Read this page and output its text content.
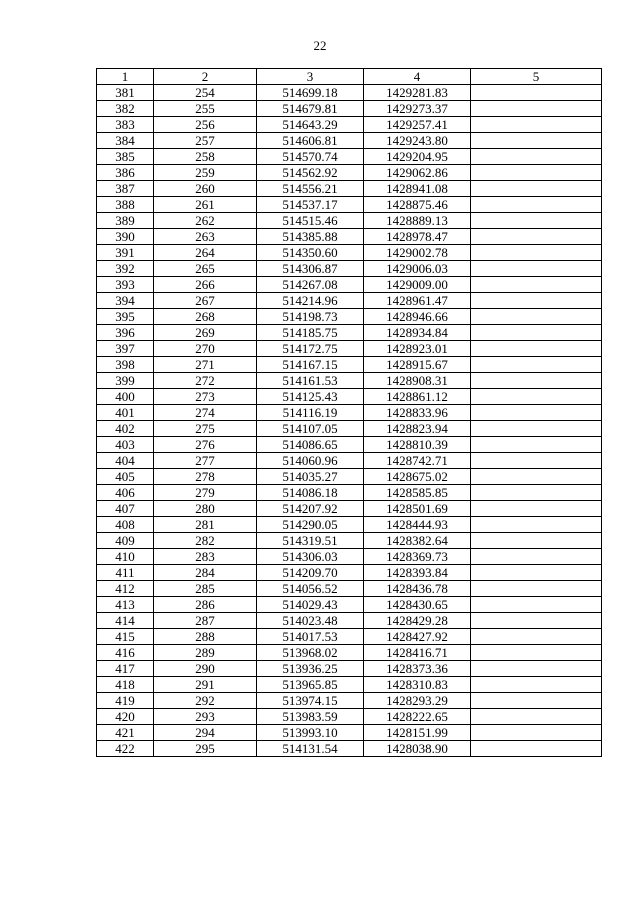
22
1	2	3	4	5
381	254	514699.18	1429281.83	
382	255	514679.81	1429273.37	
383	256	514643.29	1429257.41	
384	257	514606.81	1429243.80	
385	258	514570.74	1429204.95	
386	259	514562.92	1429062.86	
387	260	514556.21	1428941.08	
388	261	514537.17	1428875.46	
389	262	514515.46	1428889.13	
390	263	514385.88	1428978.47	
391	264	514350.60	1429002.78	
392	265	514306.87	1429006.03	
393	266	514267.08	1429009.00	
394	267	514214.96	1428961.47	
395	268	514198.73	1428946.66	
396	269	514185.75	1428934.84	
397	270	514172.75	1428923.01	
398	271	514167.15	1428915.67	
399	272	514161.53	1428908.31	
400	273	514125.43	1428861.12	
401	274	514116.19	1428833.96	
402	275	514107.05	1428823.94	
403	276	514086.65	1428810.39	
404	277	514060.96	1428742.71	
405	278	514035.27	1428675.02	
406	279	514086.18	1428585.85	
407	280	514207.92	1428501.69	
408	281	514290.05	1428444.93	
409	282	514319.51	1428382.64	
410	283	514306.03	1428369.73	
411	284	514209.70	1428393.84	
412	285	514056.52	1428436.78	
413	286	514029.43	1428430.65	
414	287	514023.48	1428429.28	
415	288	514017.53	1428427.92	
416	289	513968.02	1428416.71	
417	290	513936.25	1428373.36	
418	291	513965.85	1428310.83	
419	292	513974.15	1428293.29	
420	293	513983.59	1428222.65	
421	294	513993.10	1428151.99	
422	295	514131.54	1428038.90	
